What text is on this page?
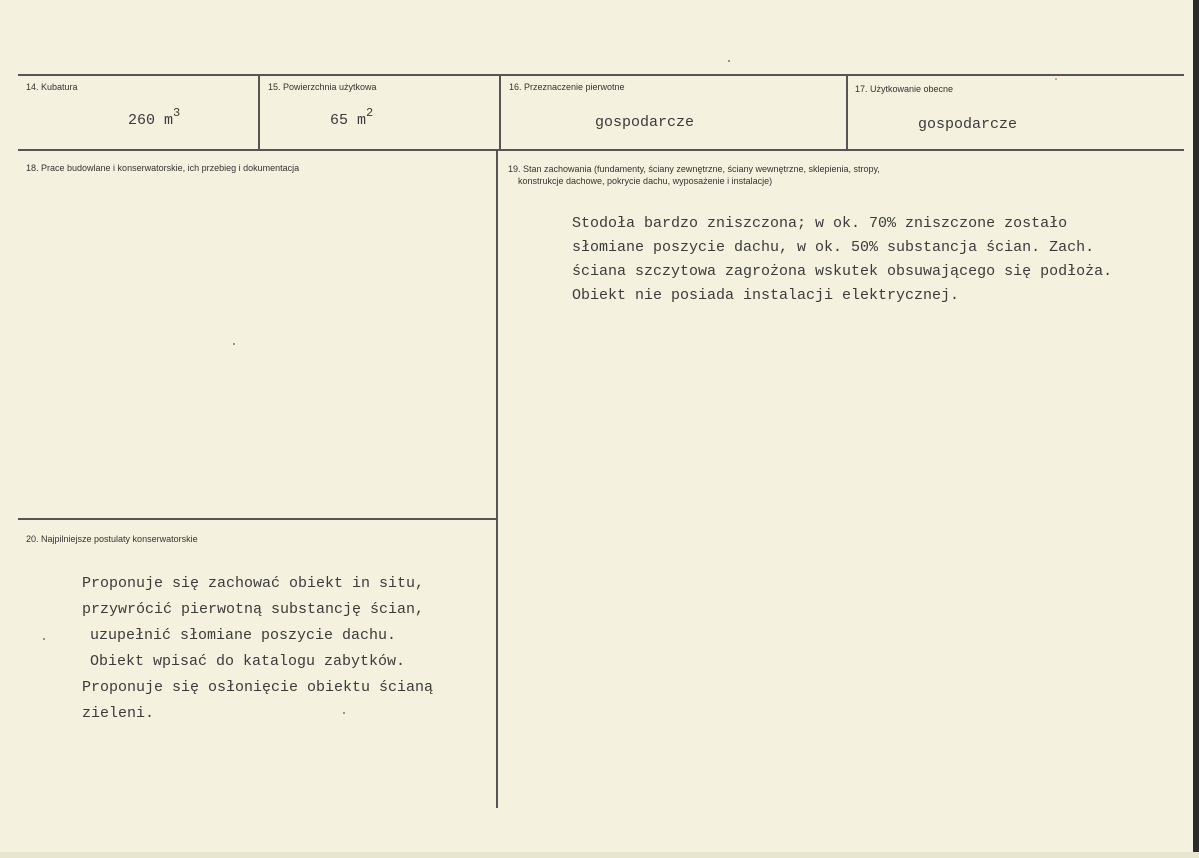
14. Kubatura
260 $m^3$
15. Powierzchnia użytkowa
65 $m^2$
16. Przeznaczenie pierwotne
gospodarcze
17. Użytkowanie obecne
gospodarcze
18. Prace budowlane i konserwatorskie, ich przebieg i dokumentacja	19. Stan zachowania (fundamenty, ściany zewnętrzne, ściany wewnętrzne, sklepienia, stropy,
konstrukcje dachowe, pokrycie dachu, wyposażenie i instalacje)
Stodoła bardzo zniszczona; w ok. 70% zniszczone zostało
słomiane poszycie dachu, w ok. 50% substancja ścian. Zach.
ściana szczytowa zagrożona wskutek obsuwającego się podłoża.
Obiekt nie posiada instalacji elektrycznej.
20. Najpilniejsze postulaty konserwatorskie
Proponuje się zachować obiekt in situ,
przywrócić pierwotną substancję ścian,
uzupełnić słomiane poszycie dachu.
Obiekt wpisać do katalogu zabytków.
Proponuje się osłonięcie obiektu ścianą
zieleni.
